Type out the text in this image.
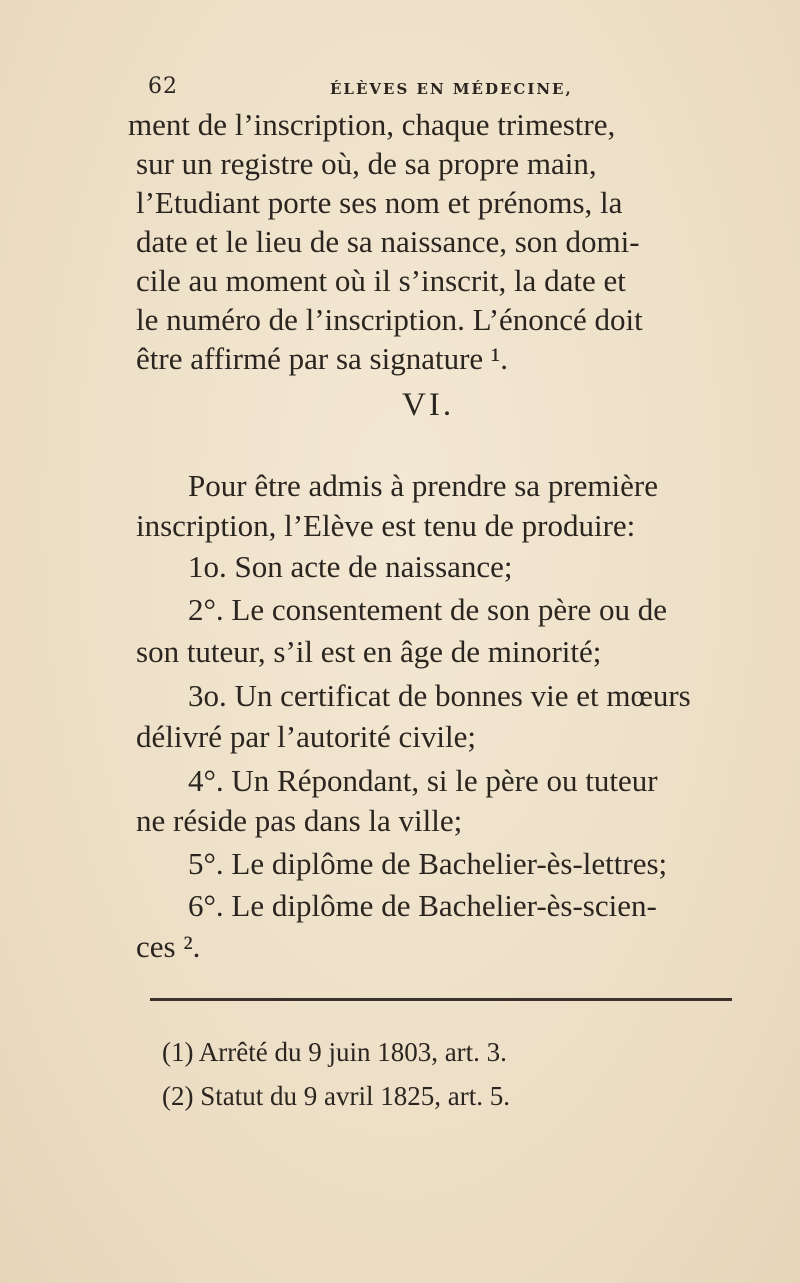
62	ÉLÈVES EN MÉDECINE,
ment de l’inscription, chaque trimestre,
sur un registre où, de sa propre main,
l’Etudiant porte ses nom et prénoms, la
date et le lieu de sa naissance, son domi-
cile au moment où il s’inscrit, la date et
le numéro de l’inscription. L’énoncé doit
être affirmé par sa signature ¹.
VI.
Pour être admis à prendre sa première
inscription, l’Elève est tenu de produire:
1o. Son acte de naissance;
2°. Le consentement de son père ou de
son tuteur, s’il est en âge de minorité;
3o. Un certificat de bonnes vie et mœurs
délivré par l’autorité civile;
4°. Un Répondant, si le père ou tuteur
ne réside pas dans la ville;
5°. Le diplôme de Bachelier-ès-lettres;
6°. Le diplôme de Bachelier-ès-scien-
ces ².
(1) Arrêté du 9 juin 1803, art. 3.
(2) Statut du 9 avril 1825, art. 5.
